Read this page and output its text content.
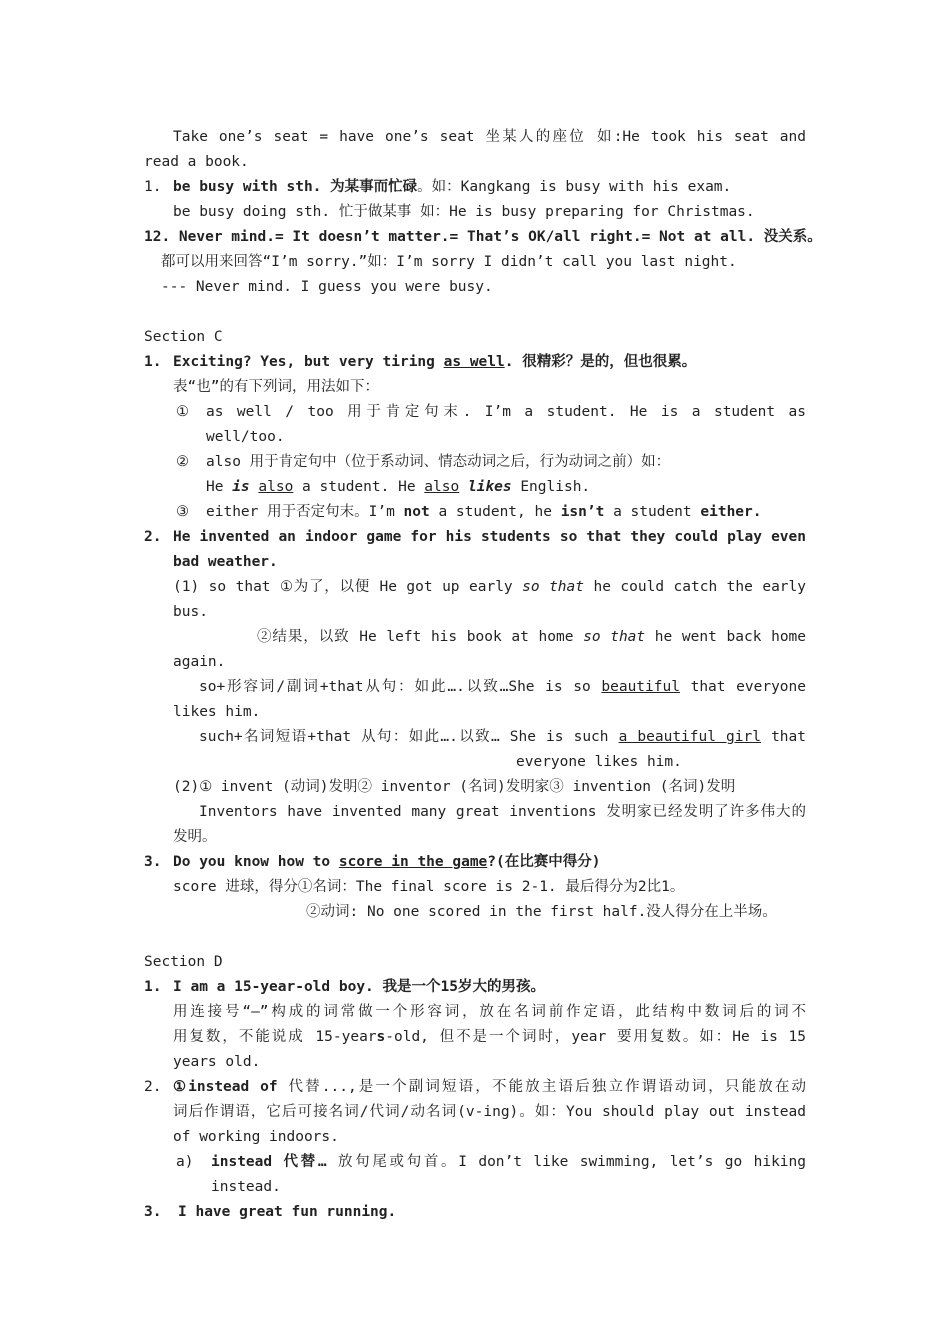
Take one’s seat = have one’s seat 坐某人的座位 如:He took his seat and
read a book.
1. be busy with sth. 为某事而忙碌。如：Kangkang is busy with his exam.
be busy doing sth. 忙于做某事 如：He is busy preparing for Christmas.
12. Never mind.= It doesn’t matter.= That’s OK/all right.= Not at all. 没关系。
都可以用来回答“I’m sorry.”如：I’m sorry I didn’t call you last night.
--- Never mind. I guess you were busy.
Section C
1. Exciting? Yes, but very tiring as well. 很精彩？是的，但也很累。
表“也”的有下列词，用法如下：
① as well / too 用于肯定句末. I’m a student. He is a student as
well/too.
② also 用于肯定句中（位于系动词、情态动词之后，行为动词之前）如：
He is also a student. He also likes English.
③ either 用于否定句末。I’m not a student, he isn’t a student either.
2. He invented an indoor game for his students so that they could play even
bad weather.
(1) so that ①为了，以便 He got up early so that he could catch the early
bus.
②结果，以致 He left his book at home so that he went back home
again.
so+形容词/副词+that从句：如此….以致…She is so beautiful that everyone
likes him.
such+名词短语+that 从句：如此….以致… She is such a beautiful girl that
everyone likes him.
(2)① invent (动词)发明② inventor (名词)发明家③ invention (名词)发明
Inventors have invented many great inventions 发明家已经发明了许多伟大的
发明。
3. Do you know how to score in the game?(在比赛中得分)
score 进球，得分①名词：The final score is 2-1. 最后得分为2比1。
②动词: No one scored in the first half.没人得分在上半场。
Section D
1. I am a 15-year-old boy. 我是一个15岁大的男孩。
用连接号“—”构成的词常做一个形容词，放在名词前作定语，此结构中数词后的词不
用复数，不能说成 15-years-old, 但不是一个词时，year 要用复数。如：He is 15
years old.
2. ①instead of 代替...,是一个副词短语，不能放主语后独立作谓语动词，只能放在动
词后作谓语，它后可接名词/代词/动名词(v-ing)。如：You should play out instead
of working indoors.
a) instead 代替… 放句尾或句首。I don’t like swimming, let’s go hiking
instead.
3. I have great fun running.
